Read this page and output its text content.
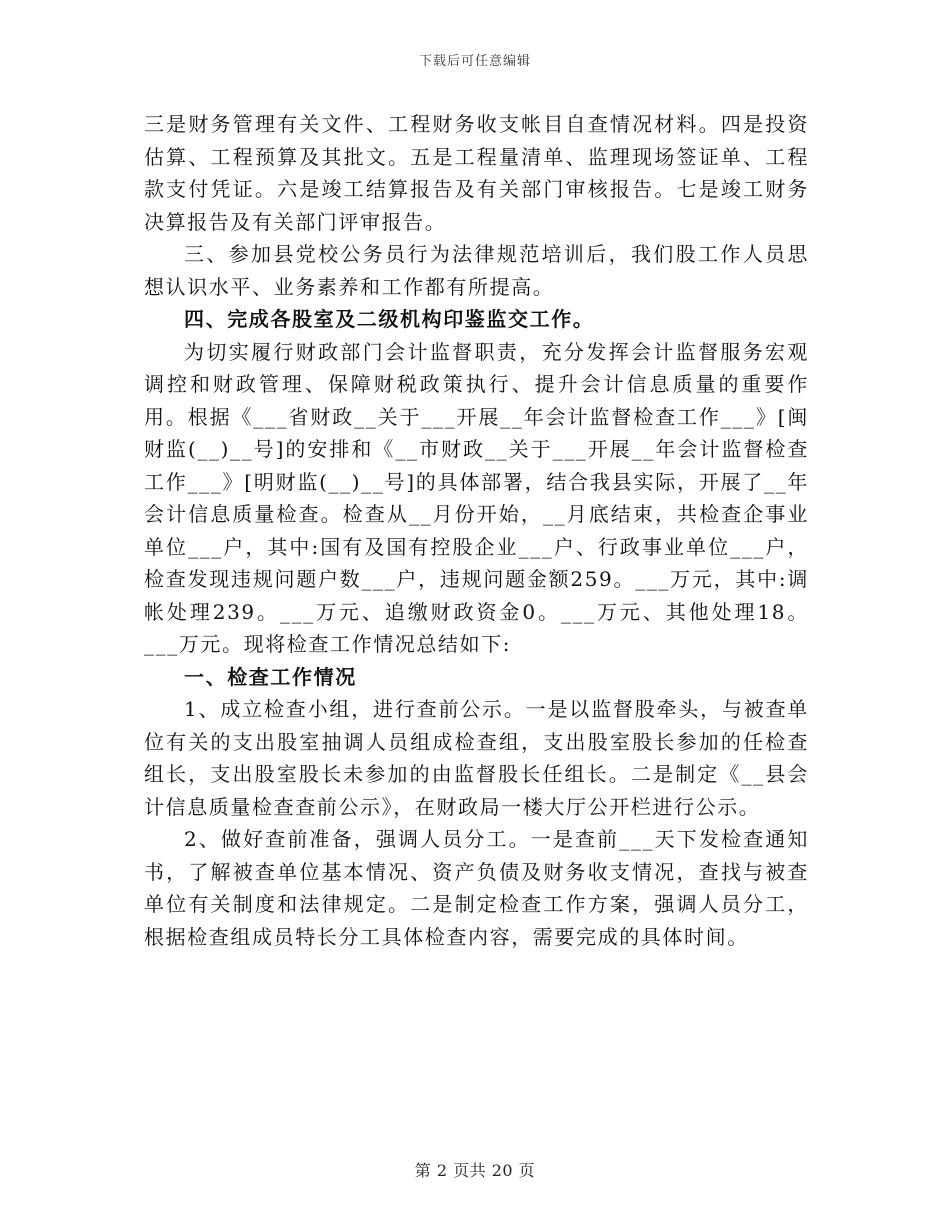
下载后可任意编辑

三是财务管理有关文件、工程财务收支帐目自查情况材料。四是投资估算、工程预算及其批文。五是工程量清单、监理现场签证单、工程款支付凭证。六是竣工结算报告及有关部门审核报告。七是竣工财务决算报告及有关部门评审报告。

三、参加县党校公务员行为法律规范培训后，我们股工作人员思想认识水平、业务素养和工作都有所提高。

四、完成各股室及二级机构印鉴监交工作。

为切实履行财政部门会计监督职责，充分发挥会计监督服务宏观调控和财政管理、保障财税政策执行、提升会计信息质量的重要作用。根据《___省财政__关于___开展__年会计监督检查工作___》[闽财监(__)__号]的安排和《__市财政__关于___开展__年会计监督检查工作___》[明财监(__)__号]的具体部署，结合我县实际，开展了__年会计信息质量检查。检查从__月份开始，__月底结束，共检查企事业单位___户，其中:国有及国有控股企业___户、行政事业单位___户，检查发现违规问题户数___户，违规问题金额259。___万元，其中:调帐处理239。___万元、追缴财政资金0。___万元、其他处理18。___万元。现将检查工作情况总结如下:

一、检查工作情况

1、成立检查小组，进行查前公示。一是以监督股牵头，与被查单位有关的支出股室抽调人员组成检查组，支出股室股长参加的任检查组长，支出股室股长未参加的由监督股长任组长。二是制定《__县会计信息质量检查查前公示》，在财政局一楼大厅公开栏进行公示。

2、做好查前准备，强调人员分工。一是查前___天下发检查通知书，了解被查单位基本情况、资产负债及财务收支情况，查找与被查单位有关制度和法律规定。二是制定检查工作方案，强调人员分工，根据检查组成员特长分工具体检查内容，需要完成的具体时间。

第 2 页共 20 页
